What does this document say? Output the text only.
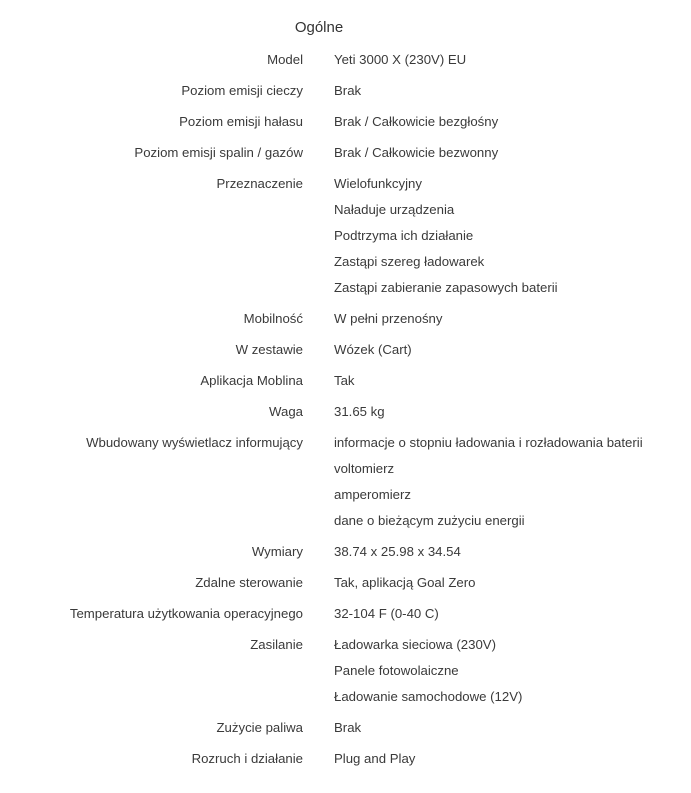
Ogólne
Model Yeti 3000 X (230V) EU
Poziom emisji cieczy Brak
Poziom emisji hałasu Brak / Całkowicie bezgłośny
Poziom emisji spalin / gazów Brak / Całkowicie bezwonny
Przeznaczenie Wielofunkcyjny
Naładuje urządzenia
Podtrzyma ich działanie
Zastąpi szereg ładowarek
Zastąpi zabieranie zapasowych baterii
Mobilność W pełni przenośny
W zestawie Wózek (Cart)
Aplikacja Moblina Tak
Waga 31.65 kg
Wbudowany wyświetlacz informujący informacje o stopniu ładowania i rozładowania baterii
voltomierz
amperomierz
dane o bieżącym zużyciu energii
Wymiary 38.74 x 25.98 x 34.54
Zdalne sterowanie Tak, aplikacją Goal Zero
Temperatura użytkowania operacyjnego 32-104 F (0-40 C)
Zasilanie Ładowarka sieciowa (230V)
Panele fotowolaiczne
Ładowanie samochodowe (12V)
Zużycie paliwa Brak
Rozruch i działanie Plug and Play
